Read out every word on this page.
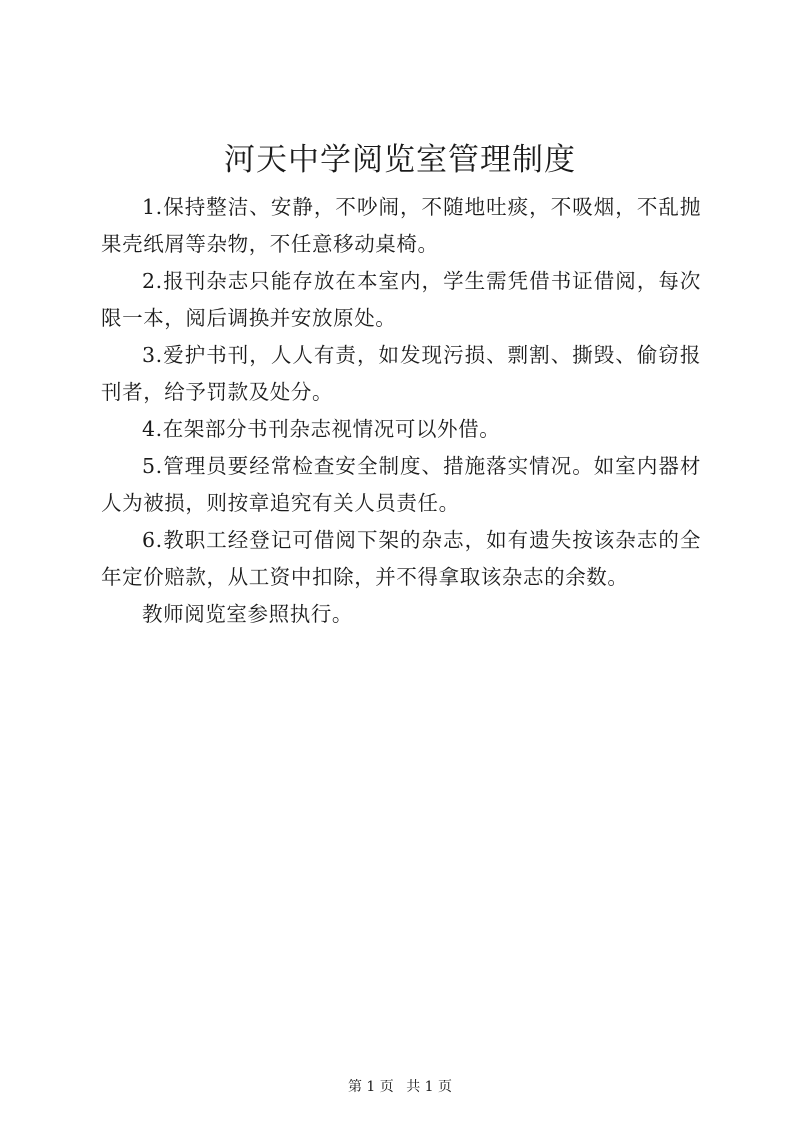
河天中学阅览室管理制度

1.保持整洁、安静，不吵闹，不随地吐痰，不吸烟，不乱抛果壳纸屑等杂物，不任意移动桌椅。

2.报刊杂志只能存放在本室内，学生需凭借书证借阅，每次限一本，阅后调换并安放原处。

3.爱护书刊，人人有责，如发现污损、剽割、撕毁、偷窃报刊者，给予罚款及处分。

4.在架部分书刊杂志视情况可以外借。

5.管理员要经常检查安全制度、措施落实情况。如室内器材人为被损，则按章追究有关人员责任。

6.教职工经登记可借阅下架的杂志，如有遗失按该杂志的全年定价赔款，从工资中扣除，并不得拿取该杂志的余数。

教师阅览室参照执行。

第 1 页 共 1 页
